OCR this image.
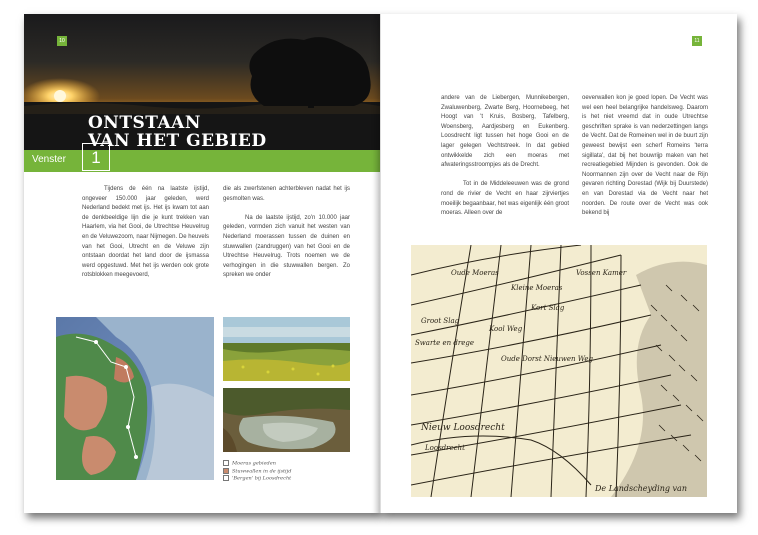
10
ONTSTAAN
VAN HET GEBIED
Venster	1

Tijdens de één na laatste ijstijd, ongeveer 150.000 jaar geleden, werd Nederland bedekt met ijs. Het ijs kwam tot aan de denkbeeldige lijn die je kunt trekken van Haarlem, via het Gooi, de Utrechtse Heuvelrug en de Veluwezoom, naar Nijmegen. De heuvels van het Gooi, Utrecht en de Veluwe zijn ontstaan doordat het land door de ijsmassa werd opgestuwd. Met het ijs werden ook grote rotsblokken meegevoerd,

die als zwerfstenen achterbleven nadat het ijs gesmolten was.

Na de laatste ijstijd, zo'n 10.000 jaar geleden, vormden zich vanuit het westen van Nederland moerassen tussen de duinen en stuwwallen (zandruggen) van het Gooi en de Utrechtse Heuvelrug. Trots noemen we de verhogingen in die stuwwallen bergen. Zo spreken we onder

Moeras gebieden
Stuwwallen in de ijstijd
'Bergen' bij Loosdrecht
11

andere van de Liebergen, Munnikebergen, Zwaluwenberg, Zwarte Berg, Hoornebeeg, het Hoogt van 't Kruis, Bosberg, Tafelberg, Woensberg, Aardjesberg en Eukenberg. Loosdrecht ligt tussen het hoge Gooi en de lager gelegen Vechtstreek. In dat gebied ontwikkelde zich een moeras met afwateringsstroompjes als de Drecht.

Tot in de Middeleeuwen was de grond rond de rivier de Vecht en haar zijrviertjes moeilijk begaanbaar, het was eigenlijk één groot moeras. Alleen over de

oeverwallen kon je goed lopen. De Vecht was wel een heel belangrijke handelsweg. Daarom is het niet vreemd dat in oude Utrechtse geschriften sprake is van nederzettingen langs de Vecht. Dat de Romeinen wel in de buurt zijn geweest bewijst een scherf Romeins 'terra sigillata', dat bij het bouwrijp maken van het recreatiegebied Mijnden is gevonden. Ook de Noormannen zijn over de Vecht naar de Rijn gevaren richting Dorestad (Wijk bij Duurstede) en van Dorestad via de Vecht naar het noorden. De route over de Vecht was ook bekend bij

Oude Moeras
Kleine Moeras
Vossen Kamer
Groot Slag
Kort Slag
Swarte en drege
Kool Weg
Oude Dorst Nieuwen Weg
Nieuw Loosdrecht
Loosdrecht
De Landscheyding van
